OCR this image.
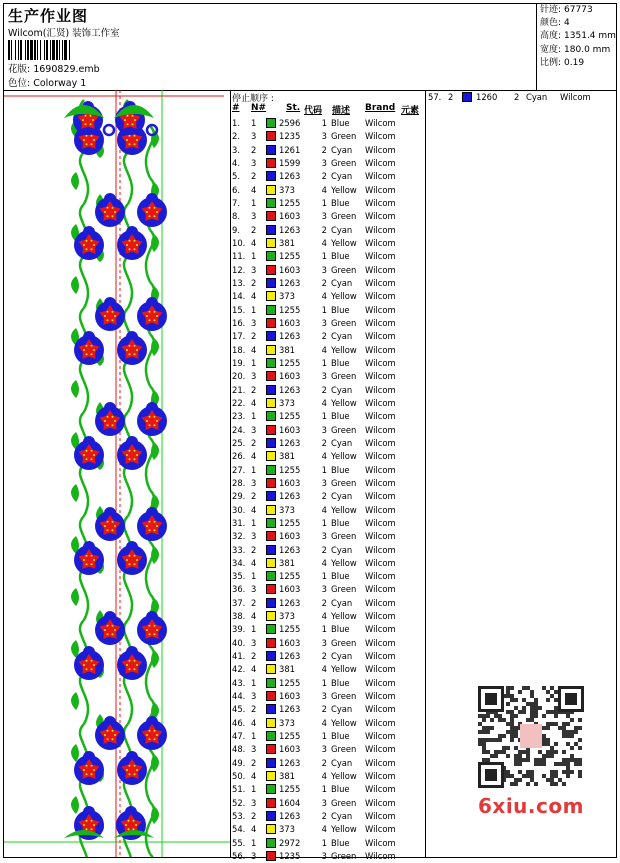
生产作业图
Wilcom(汇贤) 装饰工作室
花版: 1690829.emb
色位: Colorway 1
针迹: 67773
颜色: 4
高度: 1351.4 mm
宽度: 180.0 mm
比例: 0.19
停止顺序 :
# N# St. 代码 描述 Brand 元素
1. 1	2596	1 Blue Wilcom
2. 3	1235	3 Green Wilcom
3. 2	1261	2 Cyan Wilcom
4. 3	1599	3 Green Wilcom
5. 2	1263	2 Cyan Wilcom
6. 4	373	4 Yellow Wilcom
7. 1	1255	1 Blue Wilcom
8. 3	1603	3 Green Wilcom
9. 2	1263	2 Cyan Wilcom
10. 4	381	4 Yellow Wilcom
11. 1	1255	1 Blue Wilcom
12. 3	1603	3 Green Wilcom
13. 2	1263	2 Cyan Wilcom
14. 4	373	4 Yellow Wilcom
15. 1	1255	1 Blue Wilcom
16. 3	1603	3 Green Wilcom
17. 2	1263	2 Cyan Wilcom
18. 4	381	4 Yellow Wilcom
19. 1	1255	1 Blue Wilcom
20. 3	1603	3 Green Wilcom
21. 2	1263	2 Cyan Wilcom
22. 4	373	4 Yellow Wilcom
23. 1	1255	1 Blue Wilcom
24. 3	1603	3 Green Wilcom
25. 2	1263	2 Cyan Wilcom
26. 4	381	4 Yellow Wilcom
27. 1	1255	1 Blue Wilcom
28. 3	1603	3 Green Wilcom
29. 2	1263	2 Cyan Wilcom
30. 4	373	4 Yellow Wilcom
31. 1	1255	1 Blue Wilcom
32. 3	1603	3 Green Wilcom
33. 2	1263	2 Cyan Wilcom
34. 4	381	4 Yellow Wilcom
35. 1	1255	1 Blue Wilcom
36. 3	1603	3 Green Wilcom
37. 2	1263	2 Cyan Wilcom
38. 4	373	4 Yellow Wilcom
39. 1	1255	1 Blue Wilcom
40. 3	1603	3 Green Wilcom
41. 2	1263	2 Cyan Wilcom
42. 4	381	4 Yellow Wilcom
43. 1	1255	1 Blue Wilcom
44. 3	1603	3 Green Wilcom
45. 2	1263	2 Cyan Wilcom
46. 4	373	4 Yellow Wilcom
47. 1	1255	1 Blue Wilcom
48. 3	1603	3 Green Wilcom
49. 2	1263	2 Cyan Wilcom
50. 4	381	4 Yellow Wilcom
51. 1	1255	1 Blue Wilcom
52. 3	1604	3 Green Wilcom
53. 2	1263	2 Cyan Wilcom
54. 4	373	4 Yellow Wilcom
55. 1	2972	1 Blue Wilcom
56. 3	1235	3 Green Wilcom
57. 2	1260 2 Cyan Wilcom
6xiu.com
